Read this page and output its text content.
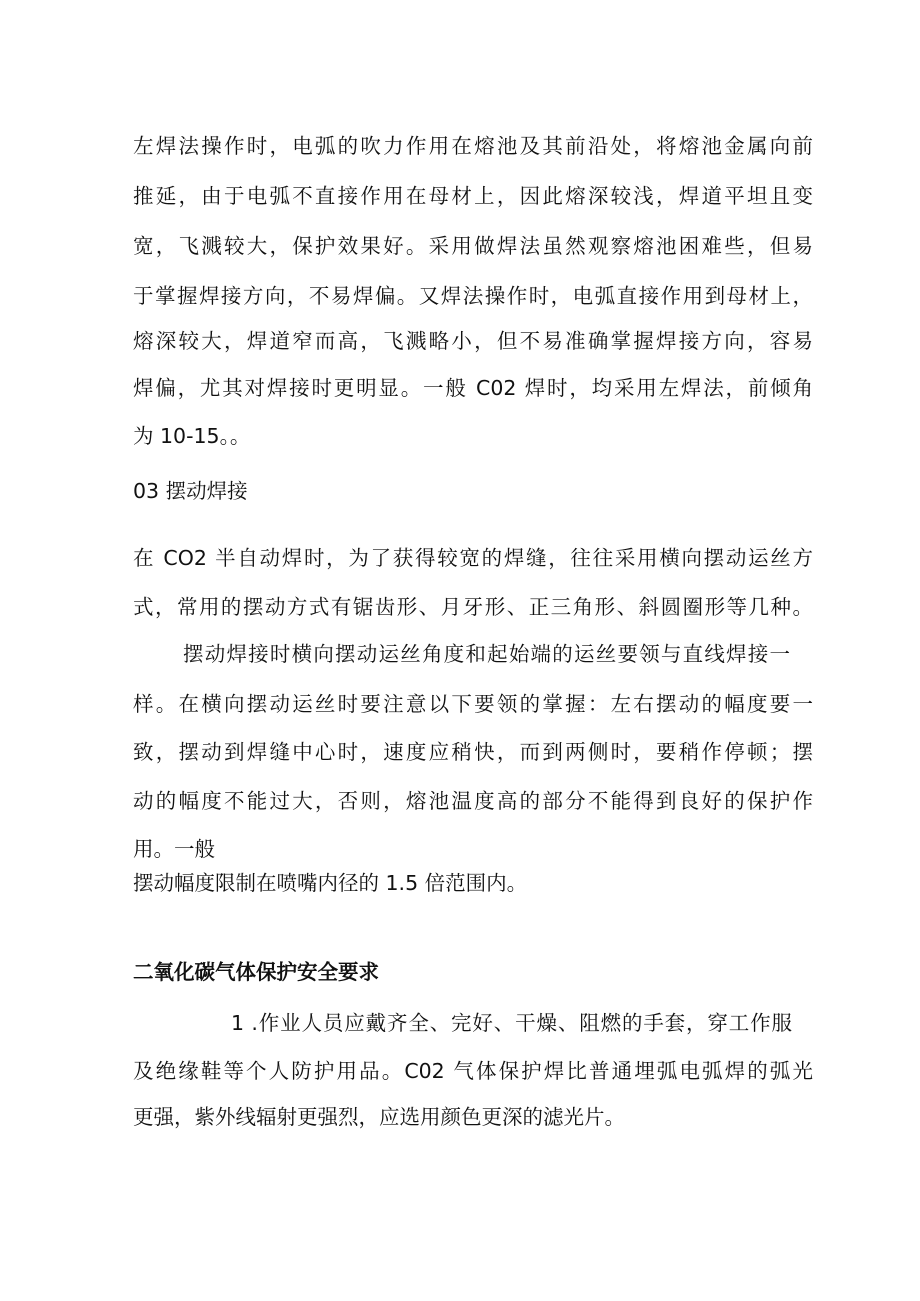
左焊法操作时，电弧的吹力作用在熔池及其前沿处，将熔池金属向前
推延，由于电弧不直接作用在母材上，因此熔深较浅，焊道平坦且变
宽，飞溅较大，保护效果好。采用做焊法虽然观察熔池困难些，但易
于掌握焊接方向，不易焊偏。又焊法操作时，电弧直接作用到母材上，
熔深较大，焊道窄而高，飞溅略小，但不易准确掌握焊接方向，容易
焊偏，尤其对焊接时更明显。一般 C02 焊时，均采用左焊法，前倾角
为 10-15。。
03 摆动焊接
在 CO2 半自动焊时，为了获得较宽的焊缝，往往采用横向摆动运丝方
式，常用的摆动方式有锯齿形、月牙形、正三角形、斜圆圈形等几种。
摆动焊接时横向摆动运丝角度和起始端的运丝要领与直线焊接一
样。在横向摆动运丝时要注意以下要领的掌握：左右摆动的幅度要一
致，摆动到焊缝中心时，速度应稍快，而到两侧时，要稍作停顿；摆
动的幅度不能过大，否则，熔池温度高的部分不能得到良好的保护作
用。一般
摆动幅度限制在喷嘴内径的 1.5 倍范围内。
二氧化碳气体保护安全要求
1 .作业人员应戴齐全、完好、干燥、阻燃的手套，穿工作服
及绝缘鞋等个人防护用品。C02 气体保护焊比普通埋弧电弧焊的弧光
更强，紫外线辐射更强烈，应选用颜色更深的滤光片。
